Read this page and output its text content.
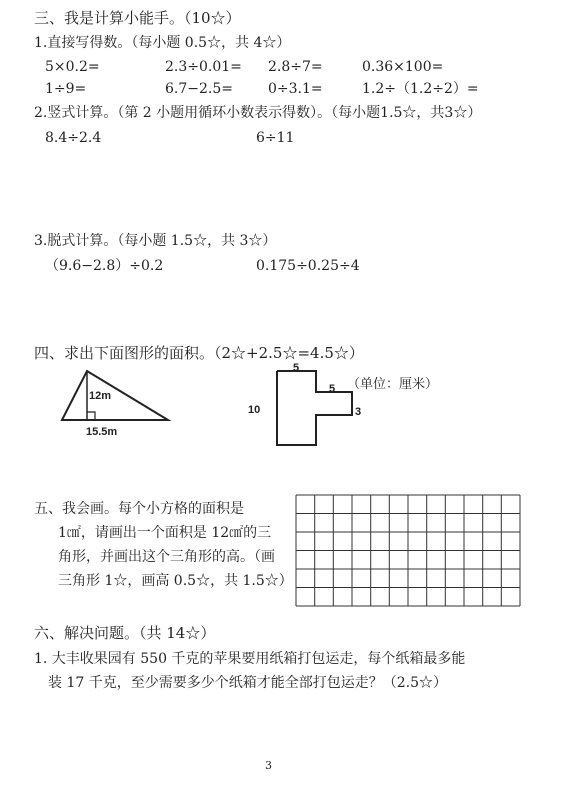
三、我是计算小能手。（10☆）
1.直接写得数。（每小题 0.5☆，共 4☆）
5×0.2=	2.3÷0.01= 2.8÷7=	0.36×100=
1÷9=	6.7−2.5=	0÷3.1=	1.2÷（1.2÷2）=
2.竖式计算。（第 2 小题用循环小数表示得数）。（每小题1.5☆，共3☆）
8.4÷2.4	6÷11
3.脱式计算。（每小题 1.5☆，共 3☆）
（9.6−2.8）÷0.2	0.175÷0.25÷4
四、求出下面图形的面积。（2☆+2.5☆=4.5☆）
12m
15.5m
5
5
3
10
（单位：厘米）
五、我会画。每个小方格的面积是
1㎠，请画出一个面积是 12㎠的三
角形，并画出这个三角形的高。（画
三角形 1☆，画高 0.5☆，共 1.5☆）
六、解决问题。（共 14☆）
1. 大丰收果园有 550 千克的苹果要用纸箱打包运走，每个纸箱最多能
装 17 千克，至少需要多少个纸箱才能全部打包运走？（2.5☆）
3
